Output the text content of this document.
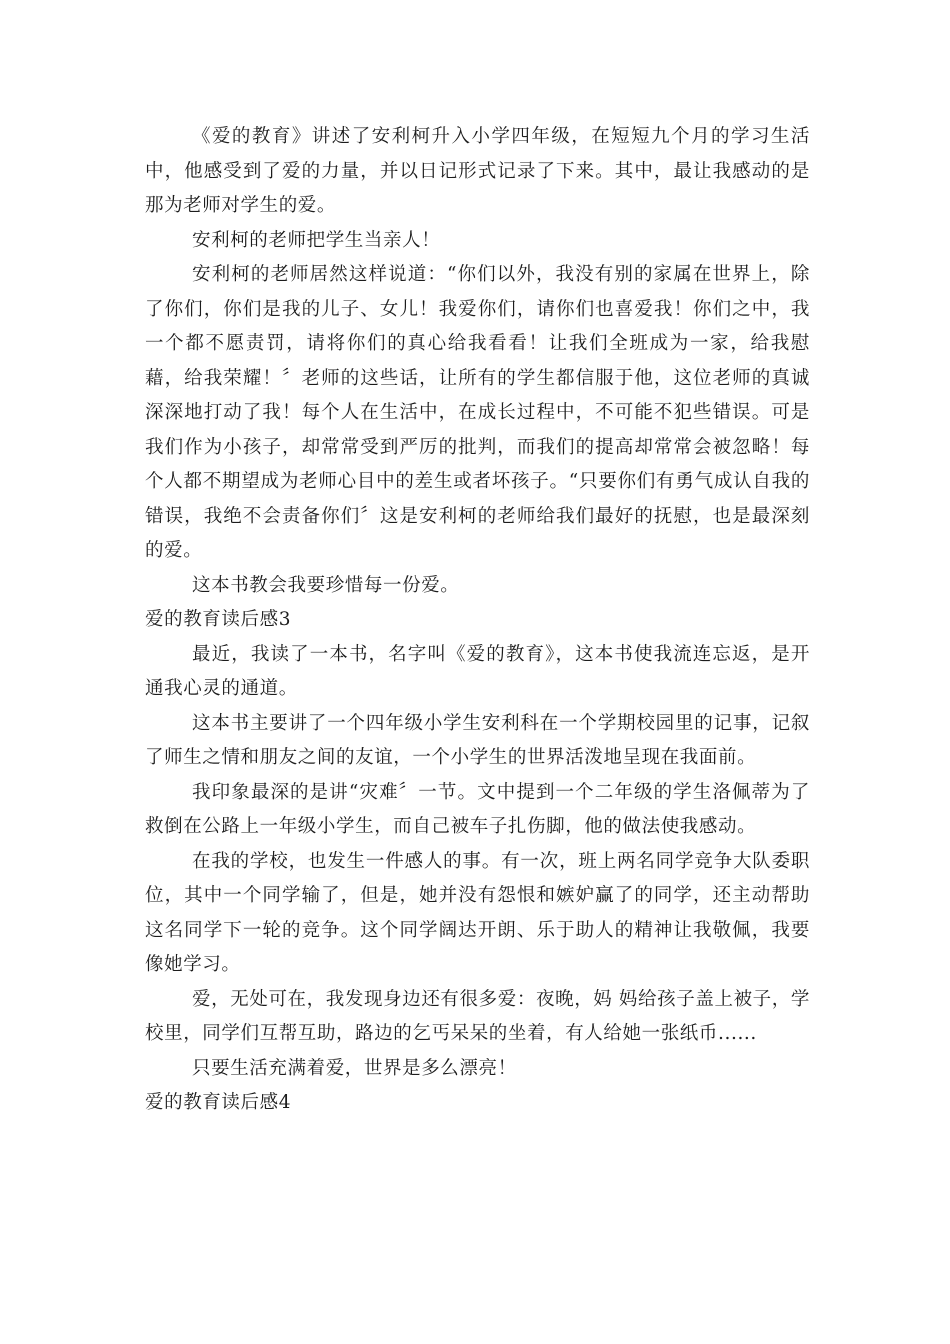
《爱的教育》讲述了安利柯升入小学四年级，在短短九个月的学习生活中，他感受到了爱的力量，并以日记形式记录了下来。其中，最让我感动的是那为老师对学生的爱。

安利柯的老师把学生当亲人！

安利柯的老师居然这样说道：“你们以外，我没有别的家属在世界上，除了你们，你们是我的儿子、女儿！我爱你们，请你们也喜爱我！你们之中，我一个都不愿责罚，请将你们的真心给我看看！让我们全班成为一家，给我慰藉，给我荣耀！〞老师的这些话，让所有的学生都信服于他，这位老师的真诚深深地打动了我！每个人在生活中，在成长过程中，不可能不犯些错误。可是我们作为小孩子，却常常受到严厉的批判，而我们的提高却常常会被忽略！每个人都不期望成为老师心目中的差生或者坏孩子。“只要你们有勇气成认自我的错误，我绝不会责备你们〞这是安利柯的老师给我们最好的抚慰，也是最深刻的爱。

这本书教会我要珍惜每一份爱。

爱的教育读后感3

最近，我读了一本书，名字叫《爱的教育》，这本书使我流连忘返，是开通我心灵的通道。

这本书主要讲了一个四年级小学生安利科在一个学期校园里的记事，记叙了师生之情和朋友之间的友谊，一个小学生的世界活泼地呈现在我面前。

我印象最深的是讲“灾难〞一节。文中提到一个二年级的学生洛佩蒂为了救倒在公路上一年级小学生，而自己被车子扎伤脚，他的做法使我感动。

在我的学校，也发生一件感人的事。有一次，班上两名同学竞争大队委职位，其中一个同学输了，但是，她并没有怨恨和嫉妒赢了的同学，还主动帮助这名同学下一轮的竞争。这个同学阔达开朗、乐于助人的精神让我敬佩，我要像她学习。

爱，无处可在，我发现身边还有很多爱：夜晚，妈 妈给孩子盖上被子，学校里，同学们互帮互助，路边的乞丐呆呆的坐着，有人给她一张纸币......

只要生活充满着爱，世界是多么漂亮！

爱的教育读后感4
